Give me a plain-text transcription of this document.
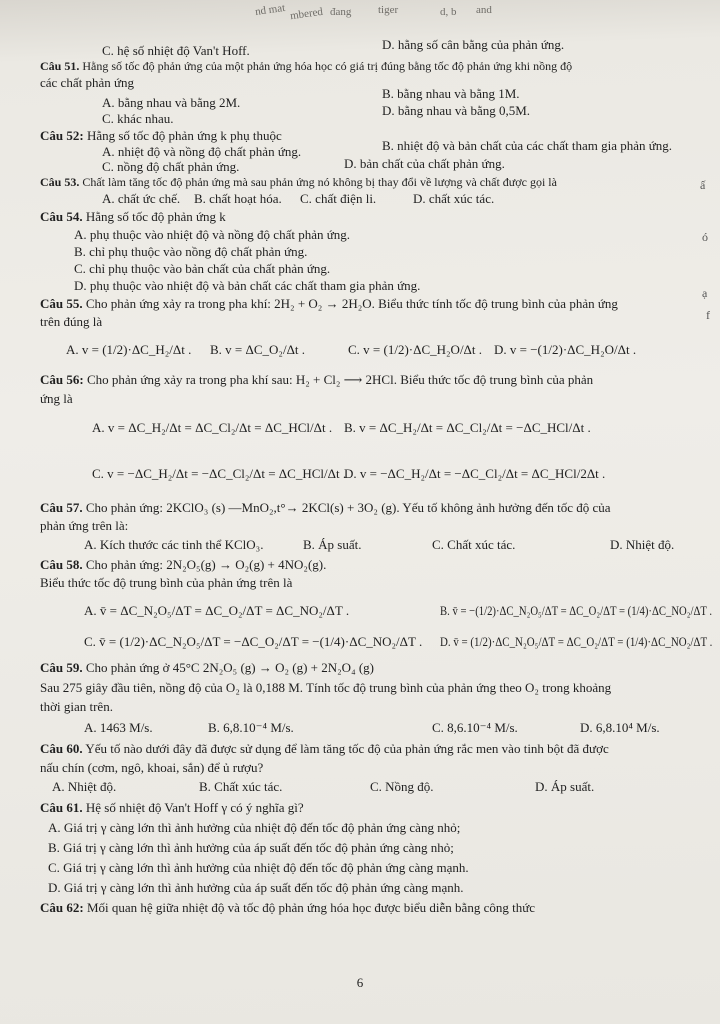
nd mat mbered đang tiger	d, b and
ấ
ó
ạ
f
C. hệ số nhiệt độ Van't Hoff.	D. hằng số cân bằng của phản ứng.
Câu 51. Hằng số tốc độ phản ứng của một phản ứng hóa học có giá trị đúng bằng tốc độ phản ứng khi nồng độ
các chất phản ứng
A. bằng nhau và bằng 2M.
B. bằng nhau và bằng 1M.
C. khác nhau.
D. bằng nhau và bằng 0,5M.
Câu 52: Hằng số tốc độ phản ứng k phụ thuộc
A. nhiệt độ và nồng độ chất phản ứng.	B. nhiệt độ và bản chất của các chất tham gia phản ứng.
C. nồng độ chất phản ứng.	D. bản chất của chất phản ứng.
Câu 53. Chất làm tăng tốc độ phản ứng mà sau phản ứng nó không bị thay đổi về lượng và chất được gọi là
A. chất ức chế. B. chất hoạt hóa. C. chất điện li.	D. chất xúc tác.
Câu 54. Hằng số tốc độ phản ứng k
A. phụ thuộc vào nhiệt độ và nồng độ chất phản ứng.
B. chỉ phụ thuộc vào nồng độ chất phản ứng.
C. chỉ phụ thuộc vào bản chất của chất phản ứng.
D. phụ thuộc vào nhiệt độ và bản chất các chất tham gia phản ứng.
Câu 55. Cho phản ứng xảy ra trong pha khí: 2H₂ + O₂ → 2H₂O. Biểu thức tính tốc độ trung bình của phản ứng
trên đúng là
A. v = (1/2)·ΔC_H₂/Δt . B. v = ΔC_O₂/Δt .	C. v = (1/2)·ΔC_H₂O/Δt . D. v = −(1/2)·ΔC_H₂O/Δt .
Câu 56: Cho phản ứng xảy ra trong pha khí sau: H₂ + Cl₂ ⟶ 2HCl. Biểu thức tốc độ trung bình của phản
ứng là
A. v = ΔC_H₂/Δt = ΔC_Cl₂/Δt = ΔC_HCl/Δt . B. v = ΔC_H₂/Δt = ΔC_Cl₂/Δt = −ΔC_HCl/Δt .
C. v = −ΔC_H₂/Δt = −ΔC_Cl₂/Δt = ΔC_HCl/Δt .
D. v = −ΔC_H₂/Δt = −ΔC_Cl₂/Δt = ΔC_HCl/2Δt .
Câu 57. Cho phản ứng: 2KClO₃ (s) —MnO₂,t°→ 2KCl(s) + 3O₂ (g). Yếu tố không ảnh hưởng đến tốc độ của
phản ứng trên là:
A. Kích thước các tinh thể KClO₃.	B. Áp suất.	C. Chất xúc tác.	D. Nhiệt độ.
Câu 58. Cho phản ứng: 2N₂O₅(g) → O₂(g) + 4NO₂(g).
Biểu thức tốc độ trung bình của phản ứng trên là
A. v̄ = ΔC_N₂O₅/ΔT = ΔC_O₂/ΔT = ΔC_NO₂/ΔT .	B. v̄ = −(1/2)·ΔC_N₂O₅/ΔT = ΔC_O₂/ΔT = (1/4)·ΔC_NO₂/ΔT .
C. v̄ = (1/2)·ΔC_N₂O₅/ΔT = −ΔC_O₂/ΔT = −(1/4)·ΔC_NO₂/ΔT . D. v̄ = (1/2)·ΔC_N₂O₅/ΔT = ΔC_O₂/ΔT = (1/4)·ΔC_NO₂/ΔT .
Câu 59. Cho phản ứng ở 45°C 2N₂O₅ (g) → O₂ (g) + 2N₂O₄ (g)
Sau 275 giây đầu tiên, nồng độ của O₂ là 0,188 M. Tính tốc độ trung bình của phản ứng theo O₂ trong khoảng
thời gian trên.
A. 1463 M/s.	B. 6,8.10⁻⁴ M/s.	C. 8,6.10⁻⁴ M/s.	D. 6,8.10⁴ M/s.
Câu 60. Yếu tố nào dưới đây đã được sử dụng để làm tăng tốc độ của phản ứng rắc men vào tinh bột đã được
nấu chín (cơm, ngô, khoai, sắn) để ủ rượu?
A. Nhiệt độ.	B. Chất xúc tác.	C. Nồng độ.	D. Áp suất.
Câu 61. Hệ số nhiệt độ Van't Hoff γ có ý nghĩa gì?
A. Giá trị γ càng lớn thì ảnh hưởng của nhiệt độ đến tốc độ phản ứng càng nhỏ;
B. Giá trị γ càng lớn thì ảnh hưởng của áp suất đến tốc độ phản ứng càng nhỏ;
C. Giá trị γ càng lớn thì ảnh hưởng của nhiệt độ đến tốc độ phản ứng càng mạnh.
D. Giá trị γ càng lớn thì ảnh hưởng của áp suất đến tốc độ phản ứng càng mạnh.
Câu 62: Mối quan hệ giữa nhiệt độ và tốc độ phản ứng hóa học được biểu diễn bằng công thức
6
